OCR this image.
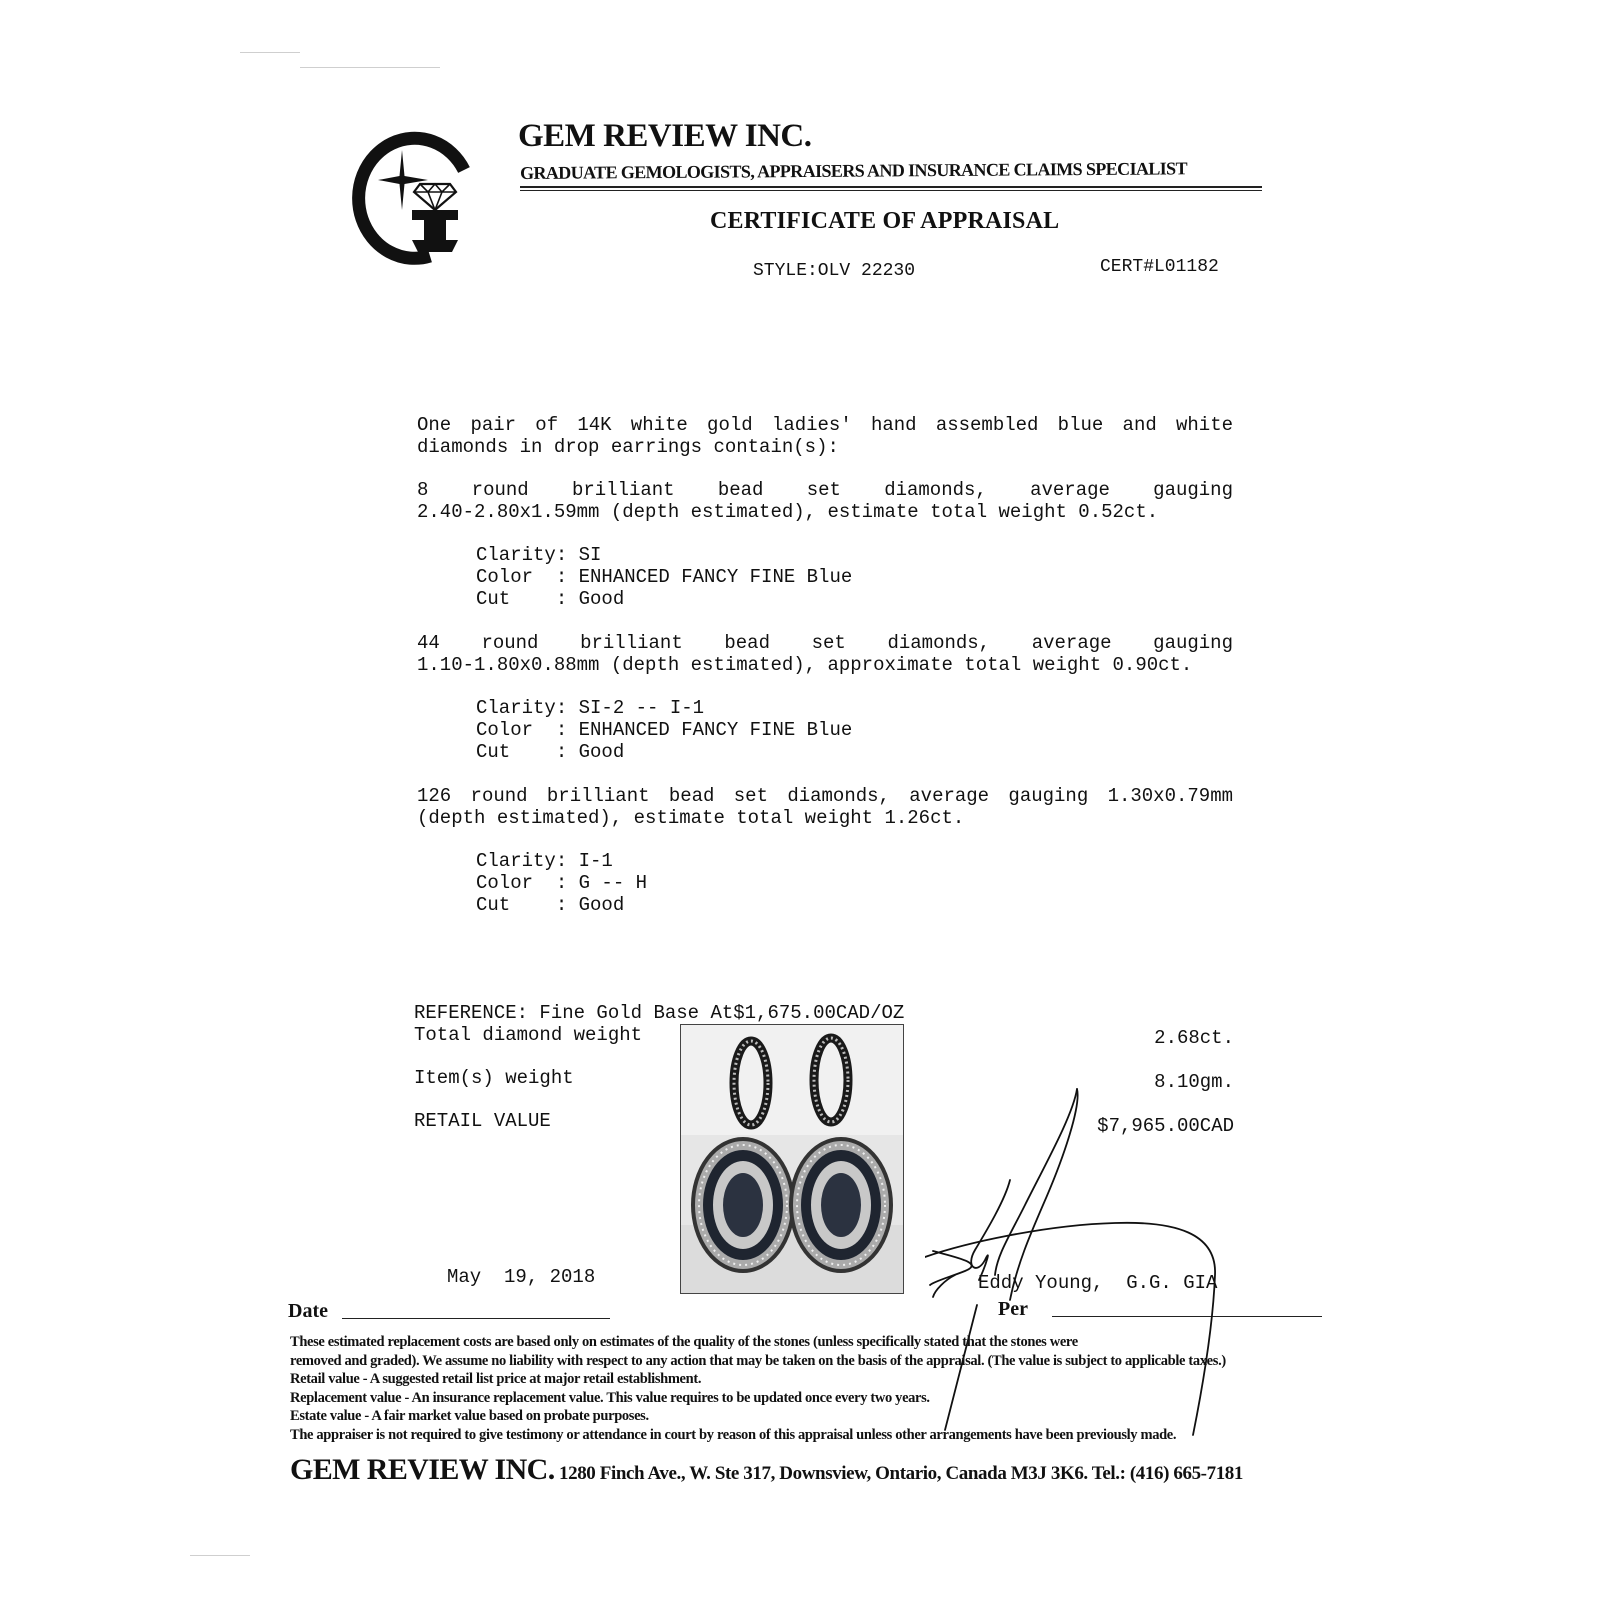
GEM REVIEW INC.
GRADUATE GEMOLOGISTS, APPRAISERS AND INSURANCE CLAIMS SPECIALIST
CERTIFICATE OF APPRAISAL
STYLE:OLV 22230	CERT#L01182
One pair of 14K white gold ladies' hand assembled blue and white
diamonds in drop earrings contain(s):
8 round brilliant bead set diamonds, average gauging
2.40-2.80x1.59mm (depth estimated), estimate total weight 0.52ct.
Clarity: SI
Color  : ENHANCED FANCY FINE Blue
Cut    : Good
44 round brilliant bead set diamonds, average gauging
1.10-1.80x0.88mm (depth estimated), approximate total weight 0.90ct.
Clarity: SI-2 -- I-1
Color  : ENHANCED FANCY FINE Blue
Cut    : Good
126 round brilliant bead set diamonds, average gauging 1.30x0.79mm
(depth estimated), estimate total weight 1.26ct.
Clarity: I-1
Color  : G -- H
Cut    : Good
REFERENCE: Fine Gold Base At$1,675.00CAD/OZ
Total diamond weight	2.68ct.
Item(s) weight	8.10gm.
RETAIL VALUE	$7,965.00CAD
May  19, 2018
Date
Eddy Young,  G.G. GIA
Per
These estimated replacement costs are based only on estimates of the quality of the stones (unless specifically stated that the stones were
removed and graded). We assume no liability with respect to any action that may be taken on the basis of the appraisal. (The value is subject to applicable taxes.)
Retail value - A suggested retail list price at major retail establishment.
Replacement value - An insurance replacement value. This value requires to be updated once every two years.
Estate value - A fair market value based on probate purposes.
The appraiser is not required to give testimony or attendance in court by reason of this appraisal unless other arrangements have been previously made.
GEM REVIEW INC. 1280 Finch Ave., W. Ste 317, Downsview, Ontario, Canada M3J 3K6. Tel.: (416) 665-7181
